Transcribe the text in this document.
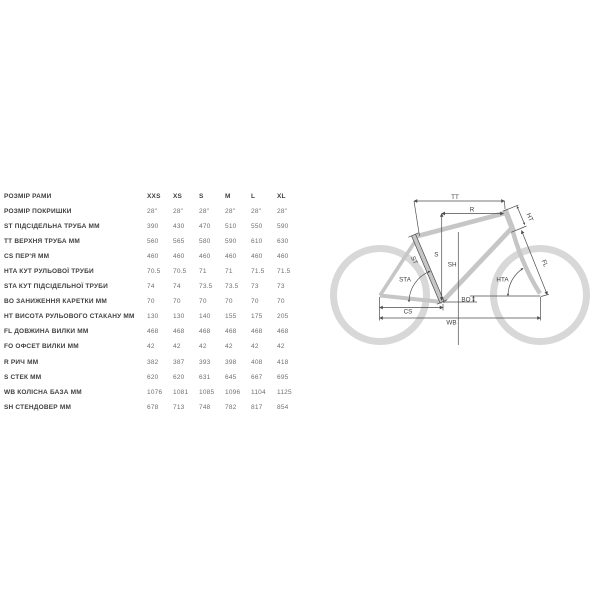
РОЗМІР РАМИ	XXS	XS	S	M	L	XL
РОЗМІР ПОКРИШКИ	28"	28"	28"	28"	28"	28"
ST ПІДСІДЕЛЬНА ТРУБА ММ	390	430	470	510	550	590
TT ВЕРХНЯ ТРУБА ММ	560	565	580	590	610	630
CS ПЕР'Я ММ	460	460	460	460	460	460
HTA КУТ РУЛЬОВОЇ ТРУБИ	70.5	70.5	71	71	71.5	71.5
STA КУТ ПІДСІДЕЛЬНОЇ ТРУБИ	74	74	73.5	73.5	73	73
BO ЗАНИЖЕННЯ КАРЕТКИ ММ	70	70	70	70	70	70
HT ВИСОТА РУЛЬОВОГО СТАКАНУ ММ	130	130	140	155	175	205
FL ДОВЖИНА ВИЛКИ ММ	468	468	468	468	468	468
FO ОФСЕТ ВИЛКИ ММ	42	42	42	42	42	42
R РИЧ ММ	382	387	393	398	408	418
S СТЕК ММ	620	620	631	645	667	695
WB КОЛІСНА БАЗА ММ	1076	1081	1085	1096	1104	1125
SH СТЕНДОВЕР ММ	678	713	748	782	817	854
TT
R
HT
ST
S
SH
STA	HTA
FL
BO
CS
WB
